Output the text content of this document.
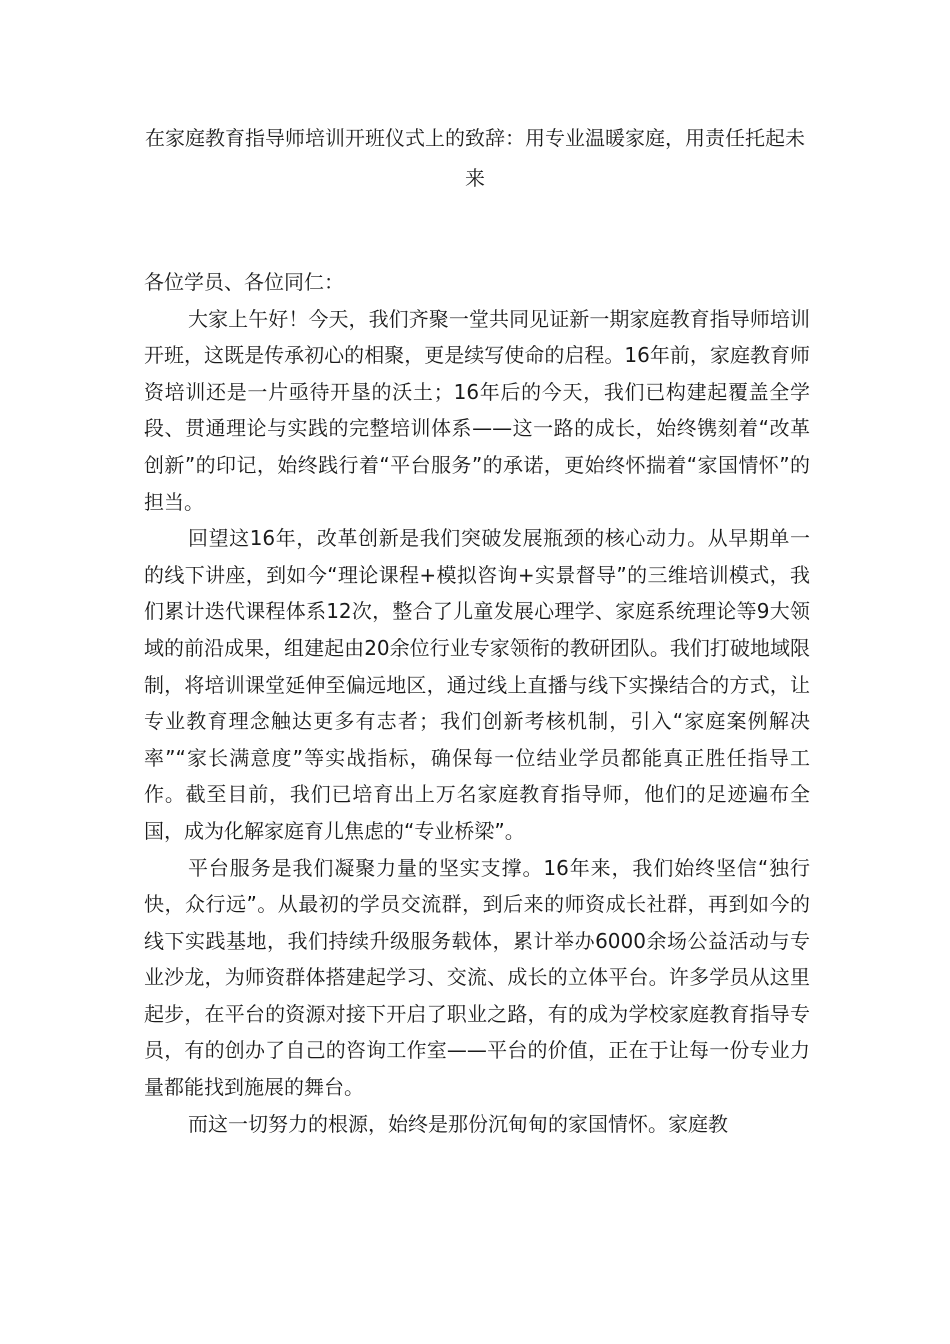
在家庭教育指导师培训开班仪式上的致辞：用专业温暖家庭，用责任托起未来

各位学员、各位同仁：

大家上午好！今天，我们齐聚一堂共同见证新一期家庭教育指导师培训开班，这既是传承初心的相聚，更是续写使命的启程。16年前，家庭教育师资培训还是一片亟待开垦的沃土；16年后的今天，我们已构建起覆盖全学段、贯通理论与实践的完整培训体系——这一路的成长，始终镌刻着“改革创新”的印记，始终践行着“平台服务”的承诺，更始终怀揣着“家国情怀”的担当。

回望这16年，改革创新是我们突破发展瓶颈的核心动力。从早期单一的线下讲座，到如今“理论课程+模拟咨询+实景督导”的三维培训模式，我们累计迭代课程体系12次，整合了儿童发展心理学、家庭系统理论等9大领域的前沿成果，组建起由20余位行业专家领衔的教研团队。我们打破地域限制，将培训课堂延伸至偏远地区，通过线上直播与线下实操结合的方式，让专业教育理念触达更多有志者；我们创新考核机制，引入“家庭案例解决率”“家长满意度”等实战指标，确保每一位结业学员都能真正胜任指导工作。截至目前，我们已培育出上万名家庭教育指导师，他们的足迹遍布全国，成为化解家庭育儿焦虑的“专业桥梁”。

平台服务是我们凝聚力量的坚实支撑。16年来，我们始终坚信“独行快，众行远”。从最初的学员交流群，到后来的师资成长社群，再到如今的线下实践基地，我们持续升级服务载体，累计举办6000余场公益活动与专业沙龙，为师资群体搭建起学习、交流、成长的立体平台。许多学员从这里起步，在平台的资源对接下开启了职业之路，有的成为学校家庭教育指导专员，有的创办了自己的咨询工作室——平台的价值，正在于让每一份专业力量都能找到施展的舞台。

而这一切努力的根源，始终是那份沉甸甸的家国情怀。家庭教
